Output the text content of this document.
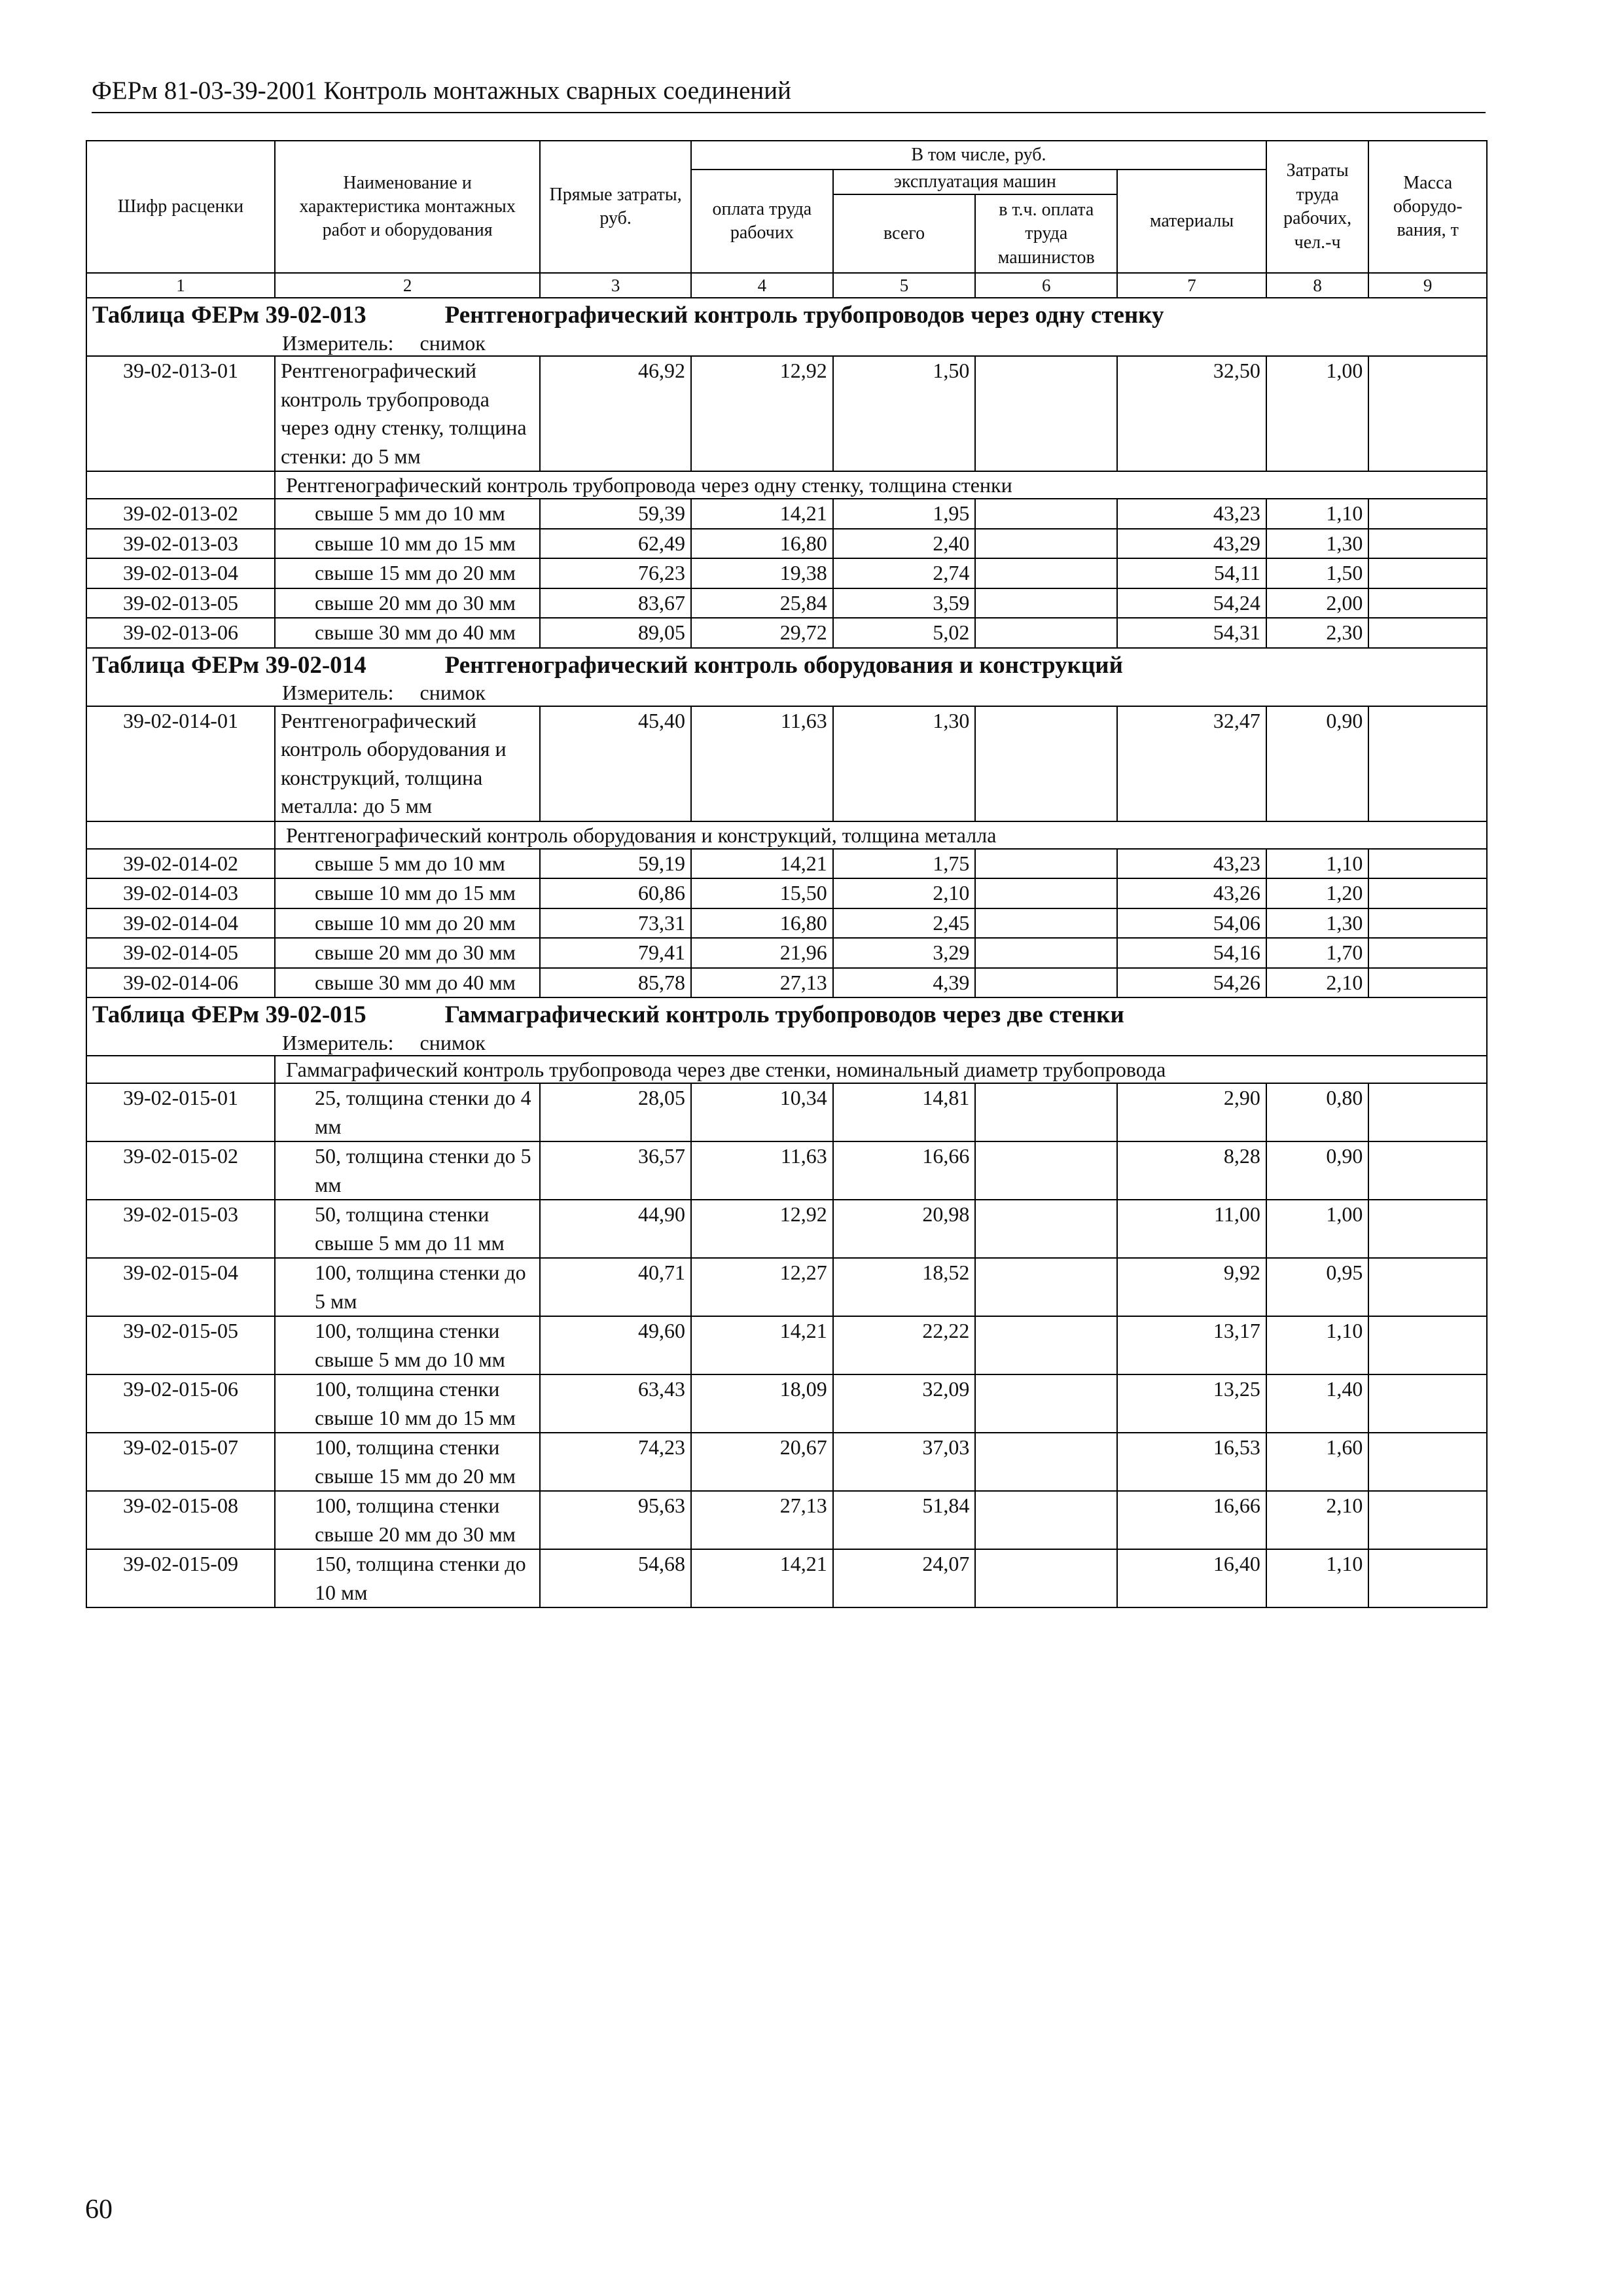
ФЕРм 81-03-39-2001 Контроль монтажных сварных соединений
Шифр расценки	Наименование и характеристика монтажных работ и оборудования	Прямые затраты, руб.	В том числе, руб.				Затраты труда рабочих, чел.-ч	Масса оборудо-вания, т
			оплата труда рабочих	эксплуатация машин		материалы		
				всего	в т.ч. оплата труда машинистов			
1	2	3	4	5	6	7	8	9
Таблица ФЕРм 39-02-013 Рентгенографический контроль трубопроводов через одну стенку								

Измеритель: снимок								

39-02-013-01	Рентгенографический контроль трубопровода через одну стенку, толщина стенки: до 5 мм	46,92	12,92	1,50		32,50	1,00	
	Рентгенографический контроль трубопровода через одну стенку, толщина стенки							
39-02-013-02	свыше 5 мм до 10 мм	59,39	14,21	1,95		43,23	1,10	
39-02-013-03	свыше 10 мм до 15 мм	62,49	16,80	2,40		43,29	1,30	
39-02-013-04	свыше 15 мм до 20 мм	76,23	19,38	2,74		54,11	1,50	
39-02-013-05	свыше 20 мм до 30 мм	83,67	25,84	3,59		54,24	2,00	
39-02-013-06	свыше 30 мм до 40 мм	89,05	29,72	5,02		54,31	2,30	
Таблица ФЕРм 39-02-014 Рентгенографический контроль оборудования и конструкций								

Измеритель: снимок								

39-02-014-01	Рентгенографический контроль оборудования и конструкций, толщина металла: до 5 мм	45,40	11,63	1,30		32,47	0,90	
	Рентгенографический контроль оборудования и конструкций, толщина металла							
39-02-014-02	свыше 5 мм до 10 мм	59,19	14,21	1,75		43,23	1,10	
39-02-014-03	свыше 10 мм до 15 мм	60,86	15,50	2,10		43,26	1,20	
39-02-014-04	свыше 10 мм до 20 мм	73,31	16,80	2,45		54,06	1,30	
39-02-014-05	свыше 20 мм до 30 мм	79,41	21,96	3,29		54,16	1,70	
39-02-014-06	свыше 30 мм до 40 мм	85,78	27,13	4,39		54,26	2,10	
Таблица ФЕРм 39-02-015 Гаммаграфический контроль трубопроводов через две стенки								

Измеритель: снимок								

	Гаммаграфический контроль трубопровода через две стенки, номинальный диаметр трубопровода							
39-02-015-01	25, толщина стенки до 4 мм	28,05	10,34	14,81		2,90	0,80	
39-02-015-02	50, толщина стенки до 5 мм	36,57	11,63	16,66		8,28	0,90	
39-02-015-03	50, толщина стенки свыше 5 мм до 11 мм	44,90	12,92	20,98		11,00	1,00	
39-02-015-04	100, толщина стенки до 5 мм	40,71	12,27	18,52		9,92	0,95	
39-02-015-05	100, толщина стенки свыше 5 мм до 10 мм	49,60	14,21	22,22		13,17	1,10	
39-02-015-06	100, толщина стенки свыше 10 мм до 15 мм	63,43	18,09	32,09		13,25	1,40	
39-02-015-07	100, толщина стенки свыше 15 мм до 20 мм	74,23	20,67	37,03		16,53	1,60	
39-02-015-08	100, толщина стенки свыше 20 мм до 30 мм	95,63	27,13	51,84		16,66	2,10	
39-02-015-09	150, толщина стенки до 10 мм	54,68	14,21	24,07		16,40	1,10	
60
